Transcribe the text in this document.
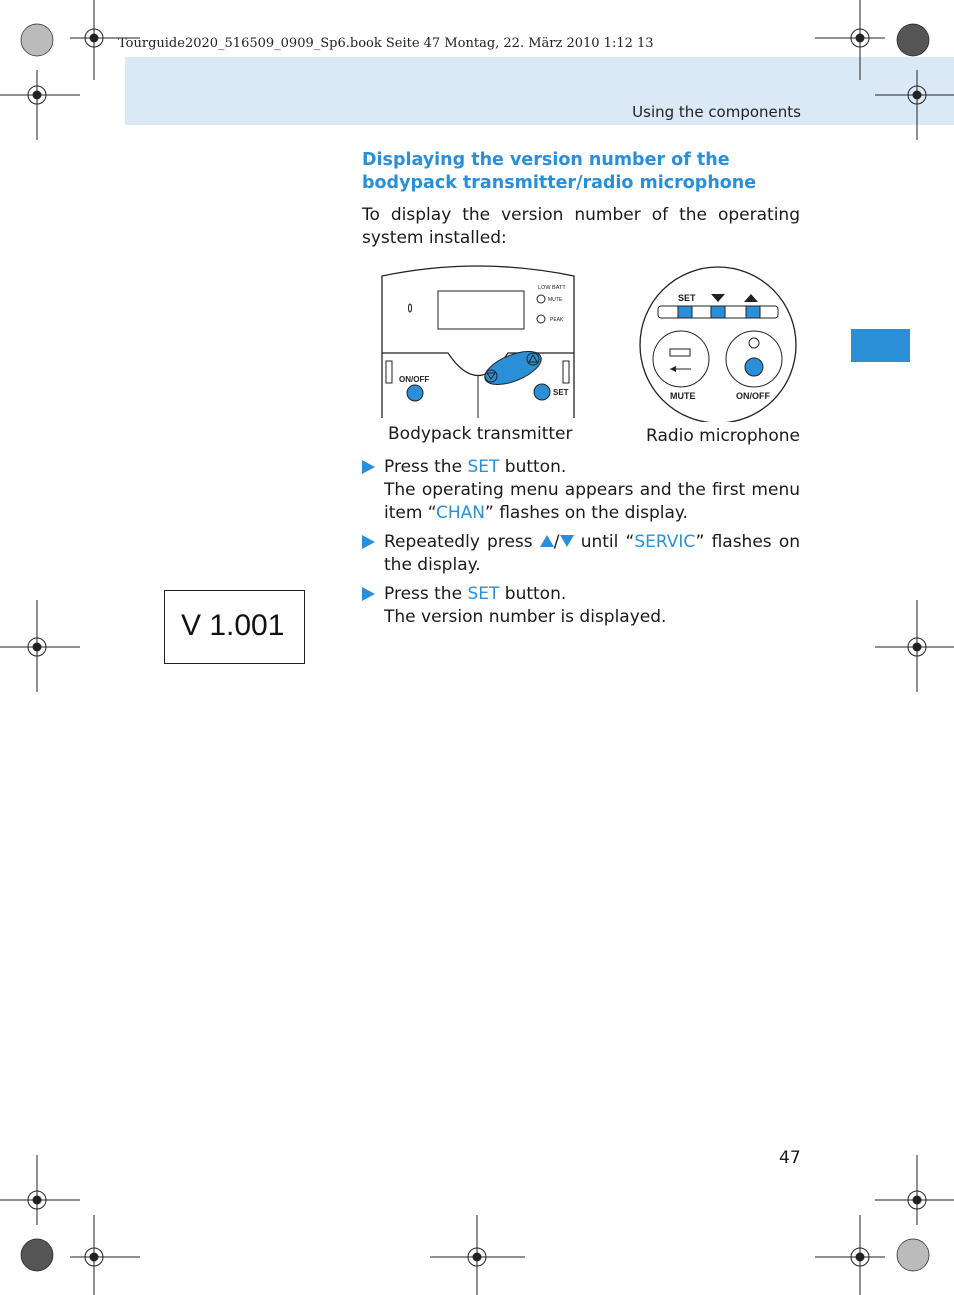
Tourguide2020_516509_0909_Sp6.book Seite 47 Montag, 22. März 2010 1:12 13
Using the components
Displaying the version number of the bodypack transmitter/radio microphone
To display the version number of the operating system installed:
LOW BATT
MUTE
PEAK
ON/OFF
SET
Bodypack transmitter
SET
MUTE	ON/OFF
Radio microphone
Press the SET button.
The operating menu appears and the first menu item “CHAN” flashes on the display.
Repeatedly press / until “SERVIC” flashes on the display.
Press the SET button.
The version number is displayed.
V 1.001
47
